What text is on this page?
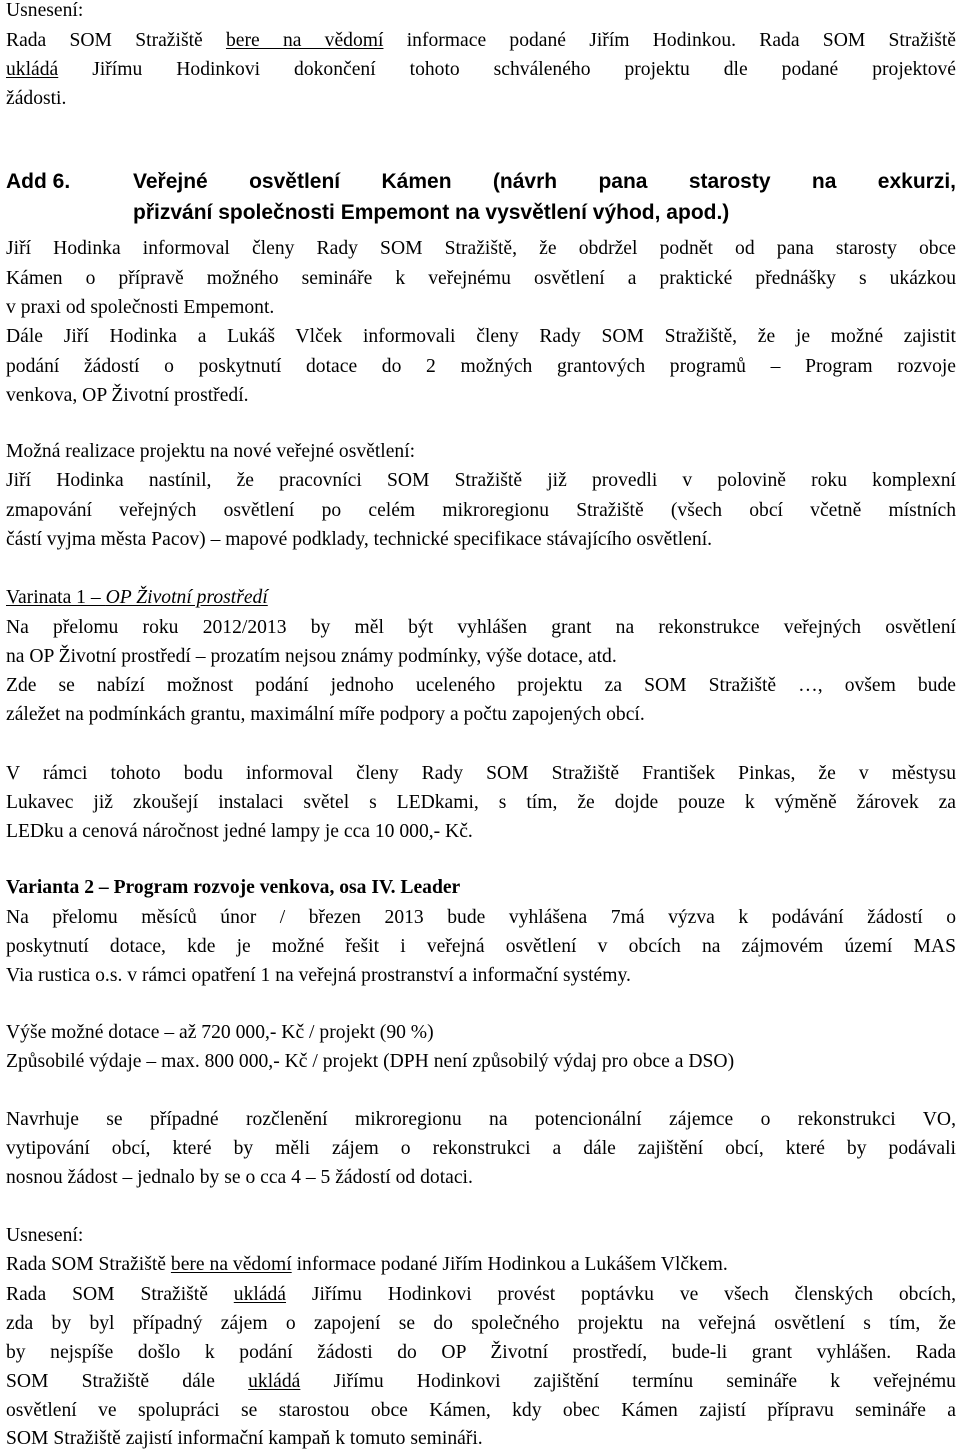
Usnesení:
Rada SOM Stražiště bere na vědomí informace podané Jiřím Hodinkou. Rada SOM Stražiště
ukládá Jiřímu Hodinkovi dokončení tohoto schváleného projektu dle podané projektové
žádosti.
Add 6.	Veřejné osvětlení Kámen (návrh pana starosty na exkurzi,
přizvání společnosti Empemont na vysvětlení výhod, apod.)
Jiří Hodinka informoval členy Rady SOM Stražiště, že obdržel podnět od pana starosty obce
Kámen o přípravě možného semináře k veřejnému osvětlení a praktické přednášky s ukázkou
v praxi od společnosti Empemont.
Dále Jiří Hodinka a Lukáš Vlček informovali členy Rady SOM Stražiště, že je možné zajistit
podání žádostí o poskytnutí dotace do 2 možných grantových programů – Program rozvoje
venkova, OP Životní prostředí.
Možná realizace projektu na nové veřejné osvětlení:
Jiří Hodinka nastínil, že pracovníci SOM Stražiště již provedli v polovině roku komplexní
zmapování veřejných osvětlení po celém mikroregionu Stražiště (všech obcí včetně místních
částí vyjma města Pacov) – mapové podklady, technické specifikace stávajícího osvětlení.
Varinata 1 – OP Životní prostředí
Na přelomu roku 2012/2013 by měl být vyhlášen grant na rekonstrukce veřejných osvětlení
na OP Životní prostředí – prozatím nejsou známy podmínky, výše dotace, atd.
Zde se nabízí možnost podání jednoho uceleného projektu za SOM Stražiště …, ovšem bude
záležet na podmínkách grantu, maximální míře podpory a počtu zapojených obcí.
V rámci tohoto bodu informoval členy Rady SOM Stražiště František Pinkas, že v městysu
Lukavec již zkoušejí instalaci světel s LEDkami, s tím, že dojde pouze k výměně žárovek za
LEDku a cenová náročnost jedné lampy je cca 10 000,- Kč.
Varianta 2 – Program rozvoje venkova, osa IV. Leader
Na přelomu měsíců únor / březen 2013 bude vyhlášena 7má výzva k podávání žádostí o
poskytnutí dotace, kde je možné řešit i veřejná osvětlení v obcích na zájmovém území MAS
Via rustica o.s. v rámci opatření 1 na veřejná prostranství a informační systémy.
Výše možné dotace – až 720 000,- Kč / projekt (90 %)
Způsobilé výdaje – max. 800 000,- Kč / projekt (DPH není způsobilý výdaj pro obce a DSO)
Navrhuje se případné rozčlenění mikroregionu na potencionální zájemce o rekonstrukci VO,
vytipování obcí, které by měli zájem o rekonstrukci a dále zajištění obcí, které by podávali
nosnou žádost – jednalo by se o cca 4 – 5 žádostí od dotaci.
Usnesení:
Rada SOM Stražiště bere na vědomí informace podané Jiřím Hodinkou a Lukášem Vlčkem.
Rada SOM Stražiště ukládá Jiřímu Hodinkovi provést poptávku ve všech členských obcích,
zda by byl případný zájem o zapojení se do společného projektu na veřejná osvětlení s tím, že
by nejspíše došlo k podání žádosti do OP Životní prostředí, bude-li grant vyhlášen. Rada
SOM Stražiště dále ukládá Jiřímu Hodinkovi zajištění termínu semináře k veřejnému
osvětlení ve spolupráci se starostou obce Kámen, kdy obec Kámen zajistí přípravu semináře a
SOM Stražiště zajistí informační kampaň k tomuto semináři.
